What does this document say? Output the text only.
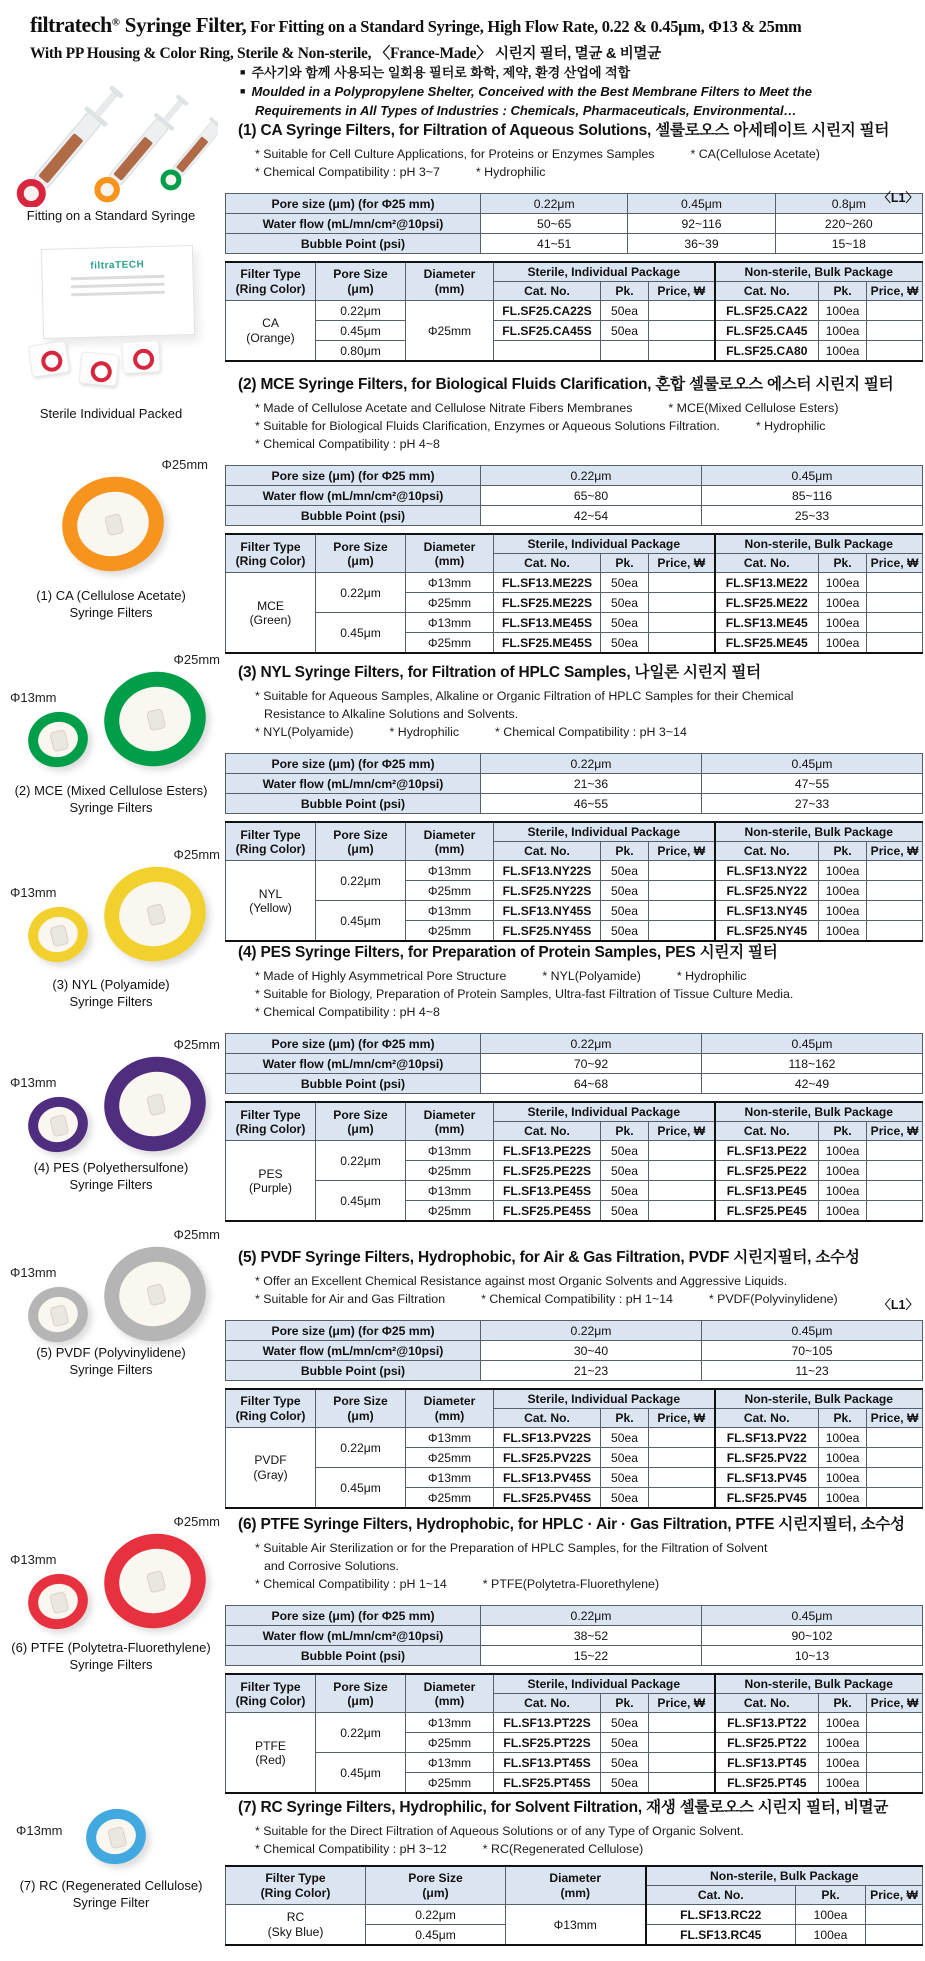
filtratech® Syringe Filter, For Fitting on a Standard Syringe, High Flow Rate, 0.22 & 0.45μm, Φ13 & 25mm
With PP Housing & Color Ring, Sterile & Non-sterile, 〈France-Made〉 시린지 필터, 멸균 & 비멸균
■ 주사기와 함께 사용되는 일회용 필터로 화학, 제약, 환경 산업에 적합
■ Moulded in a Polypropylene Shelter, Conceived with the Best Membrane Filters to Meet the
Requirements in All Types of Industries : Chemicals, Pharmaceuticals, Environmental…
Fitting on a Standard Syringe
filtraTECH
Sterile Individual Packed
Φ25mm
(1) CA (Cellulose Acetate)
Syringe Filters
Φ25mm
Φ13mm
(2) MCE (Mixed Cellulose Esters)
Syringe Filters
Φ25mm
Φ13mm
(3) NYL (Polyamide)
Syringe Filters
Φ25mm
Φ13mm
(4) PES (Polyethersulfone)
Syringe Filters
Φ25mm
Φ13mm
(5) PVDF (Polyvinylidene)
Syringe Filters
Φ25mm
Φ13mm
(6) PTFE (Polytetra-Fluorethylene)
Syringe Filters
Φ13mm
(7) RC (Regenerated Cellulose)
Syringe Filter
(1) CA Syringe Filters, for Filtration of Aqueous Solutions, 셀룰로오스 아세테이트 시린지 필터
* Suitable for Cell Culture Applications, for Proteins or Enzymes Samples	* CA(Cellulose Acetate)
* Chemical Compatibility : pH 3~7	* Hydrophilic
〈L1〉
Pore size (μm) (for Φ25 mm)	0.22μm	0.45μm	0.8μm
Water flow (mL/mn/cm²@10psi)	50~65	92~116	220~260
Bubble Point (psi)	41~51	36~39	15~18
Filter Type
(Ring Color)

Pore Size
(μm)

Diameter
(mm)
	Sterile, Individual Package	Non-sterile, Bulk Package
			Cat. No.	Pk.	Price, ₩	Cat. No.	Pk.	Price, ₩

CA
(Orange)	0.22μm	Φ25mm	FL.SF25.CA22S	50ea		FL.SF25.CA22	100ea	
	0.45μm		FL.SF25.CA45S	50ea		FL.SF25.CA45	100ea	
	0.80μm					FL.SF25.CA80	100ea	
(2) MCE Syringe Filters, for Biological Fluids Clarification, 혼합 셀룰로오스 에스터 시린지 필터
* Made of Cellulose Acetate and Cellulose Nitrate Fibers Membranes	* MCE(Mixed Cellulose Esters)
* Suitable for Biological Fluids Clarification, Enzymes or Aqueous Solutions Filtration.	* Hydrophilic
* Chemical Compatibility : pH 4~8
Pore size (μm) (for Φ25 mm)	0.22μm	0.45μm
Water flow (mL/mn/cm²@10psi)	65~80	85~116
Bubble Point (psi)	42~54	25~33
Filter Type
(Ring Color)

Pore Size
(μm)

Diameter
(mm)
	Sterile, Individual Package	Non-sterile, Bulk Package
			Cat. No.	Pk.	Price, ₩	Cat. No.	Pk.	Price, ₩

MCE
(Green)	0.22μm	Φ13mm	FL.SF13.ME22S	50ea		FL.SF13.ME22	100ea	
		Φ25mm	FL.SF25.ME22S	50ea		FL.SF25.ME22	100ea	
	0.45μm	Φ13mm	FL.SF13.ME45S	50ea		FL.SF13.ME45	100ea	
		Φ25mm	FL.SF25.ME45S	50ea		FL.SF25.ME45	100ea	
(3) NYL Syringe Filters, for Filtration of HPLC Samples, 나일론 시린지 필터
* Suitable for Aqueous Samples, Alkaline or Organic Filtration of HPLC Samples for their Chemical
Resistance to Alkaline Solutions and Solvents.
* NYL(Polyamide)	* Hydrophilic	* Chemical Compatibility : pH 3~14
Pore size (μm) (for Φ25 mm)	0.22μm	0.45μm
Water flow (mL/mn/cm²@10psi)	21~36	47~55
Bubble Point (psi)	46~55	27~33
Filter Type
(Ring Color)

Pore Size
(μm)

Diameter
(mm)
	Sterile, Individual Package	Non-sterile, Bulk Package
			Cat. No.	Pk.	Price, ₩	Cat. No.	Pk.	Price, ₩

NYL
(Yellow)	0.22μm	Φ13mm	FL.SF13.NY22S	50ea		FL.SF13.NY22	100ea	
		Φ25mm	FL.SF25.NY22S	50ea		FL.SF25.NY22	100ea	
	0.45μm	Φ13mm	FL.SF13.NY45S	50ea		FL.SF13.NY45	100ea	
		Φ25mm	FL.SF25.NY45S	50ea		FL.SF25.NY45	100ea	
(4) PES Syringe Filters, for Preparation of Protein Samples, PES 시린지 필터
* Made of Highly Asymmetrical Pore Structure	* NYL(Polyamide)	* Hydrophilic
* Suitable for Biology, Preparation of Protein Samples, Ultra-fast Filtration of Tissue Culture Media.
* Chemical Compatibility : pH 4~8
Pore size (μm) (for Φ25 mm)	0.22μm	0.45μm
Water flow (mL/mn/cm²@10psi)	70~92	118~162
Bubble Point (psi)	64~68	42~49
Filter Type
(Ring Color)

Pore Size
(μm)

Diameter
(mm)
	Sterile, Individual Package	Non-sterile, Bulk Package
			Cat. No.	Pk.	Price, ₩	Cat. No.	Pk.	Price, ₩

PES
(Purple)	0.22μm	Φ13mm	FL.SF13.PE22S	50ea		FL.SF13.PE22	100ea	
		Φ25mm	FL.SF25.PE22S	50ea		FL.SF25.PE22	100ea	
	0.45μm	Φ13mm	FL.SF13.PE45S	50ea		FL.SF13.PE45	100ea	
		Φ25mm	FL.SF25.PE45S	50ea		FL.SF25.PE45	100ea	
(5) PVDF Syringe Filters, Hydrophobic, for Air & Gas Filtration, PVDF 시린지필터, 소수성
* Offer an Excellent Chemical Resistance against most Organic Solvents and Aggressive Liquids.
* Suitable for Air and Gas Filtration	* Chemical Compatibility : pH 1~14	* PVDF(Polyvinylidene)	〈L1〉
Pore size (μm) (for Φ25 mm)	0.22μm	0.45μm
Water flow (mL/mn/cm²@10psi)	30~40	70~105
Bubble Point (psi)	21~23	11~23
Filter Type
(Ring Color)

Pore Size
(μm)

Diameter
(mm)
	Sterile, Individual Package	Non-sterile, Bulk Package
			Cat. No.	Pk.	Price, ₩	Cat. No.	Pk.	Price, ₩

PVDF
(Gray)	0.22μm	Φ13mm	FL.SF13.PV22S	50ea		FL.SF13.PV22	100ea	
		Φ25mm	FL.SF25.PV22S	50ea		FL.SF25.PV22	100ea	
	0.45μm	Φ13mm	FL.SF13.PV45S	50ea		FL.SF13.PV45	100ea	
		Φ25mm	FL.SF25.PV45S	50ea		FL.SF25.PV45	100ea	
(6) PTFE Syringe Filters, Hydrophobic, for HPLC · Air · Gas Filtration, PTFE 시린지필터, 소수성
* Suitable Air Sterilization or for the Preparation of HPLC Samples, for the Filtration of Solvent
and Corrosive Solutions.
* Chemical Compatibility : pH 1~14	* PTFE(Polytetra-Fluorethylene)
Pore size (μm) (for Φ25 mm)	0.22μm	0.45μm
Water flow (mL/mn/cm²@10psi)	38~52	90~102
Bubble Point (psi)	15~22	10~13
Filter Type
(Ring Color)

Pore Size
(μm)

Diameter
(mm)
	Sterile, Individual Package	Non-sterile, Bulk Package
			Cat. No.	Pk.	Price, ₩	Cat. No.	Pk.	Price, ₩

PTFE
(Red)	0.22μm	Φ13mm	FL.SF13.PT22S	50ea		FL.SF13.PT22	100ea	
		Φ25mm	FL.SF25.PT22S	50ea		FL.SF25.PT22	100ea	
	0.45μm	Φ13mm	FL.SF13.PT45S	50ea		FL.SF13.PT45	100ea	
		Φ25mm	FL.SF25.PT45S	50ea		FL.SF25.PT45	100ea	
(7) RC Syringe Filters, Hydrophilic, for Solvent Filtration, 재생 셀룰로오스 시린지 필터, 비멸균
* Suitable for the Direct Filtration of Aqueous Solutions or of any Type of Organic Solvent.
* Chemical Compatibility : pH 3~12	* RC(Regenerated Cellulose)
Filter Type
(Ring Color)

Pore Size
(μm)

Diameter
(mm)
	Non-sterile, Bulk Package
			Cat. No.	Pk.	Price, ₩

RC
(Sky Blue)	0.22μm	Φ13mm	FL.SF13.RC22	100ea	
	0.45μm		FL.SF13.RC45	100ea	
